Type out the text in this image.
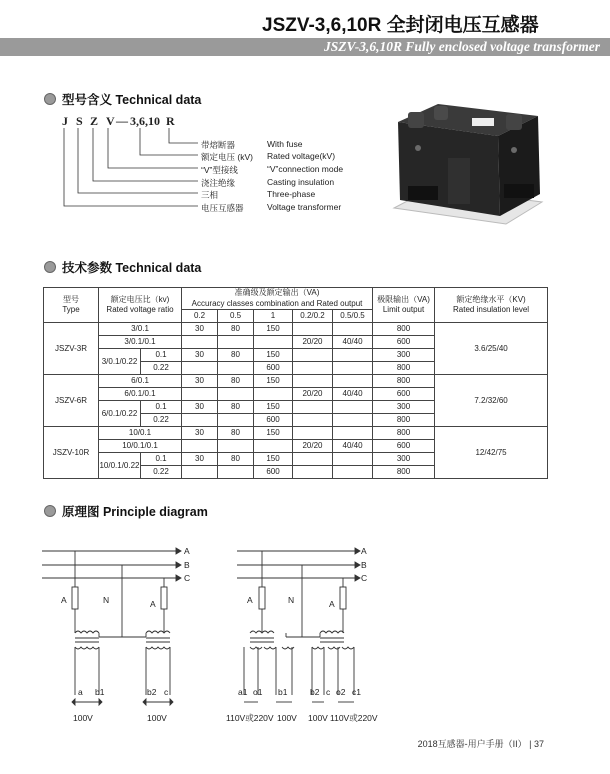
JSZV-3,6,10R 全封闭电压互感器
JSZV-3,6,10R Fully enclosed voltage transformer
型号含义 Technical data
J S Z V — 3,6,10 R
带熔断器	With fuse
额定电压 (kV) Rated voltage(kV)
“V”型接线	“V”connection mode
浇注绝缘	Casting insulation
三相	Three-phase
电压互感器	Voltage transformer
技术参数 Technical data
型号
Type	额定电压比（kv)
Rated voltage ratio		准确级及额定输出（VA)
Accuracy classes combination and Rated output					极限输出（VA)
Limit output	额定绝缘水平（KV)
Rated insulation level
			0.2	0.5	1	0.2/0.2	0.5/0.5		
JSZV-3R	3/0.1		30	80	150			800	3.6/25/40
	3/0.1/0.1					20/20	40/40	600	
	3/0.1/0.22	0.1	30	80	150			300	
		0.22			600			800	
JSZV-6R	6/0.1		30	80	150			800	7.2/32/60
	6/0.1/0.1					20/20	40/40	600	
	6/0.1/0.22	0.1	30	80	150			300	
		0.22			600			800	
JSZV-10R	10/0.1		30	80	150			800	12/42/75
	10/0.1/0.1					20/20	40/40	600	
	10/0.1/0.22	0.1	30	80	150			300	
		0.22			600			800	
原理图 Principle diagram
A
B
C
A	N	A
a b1	b2 c
100V	100V
A
B
C
A	N	A
a1 o1 b1	b2 c o2 c1
110V或220V 100V 100V 110V或220V
2018互感器-用户手册（II） | 37
